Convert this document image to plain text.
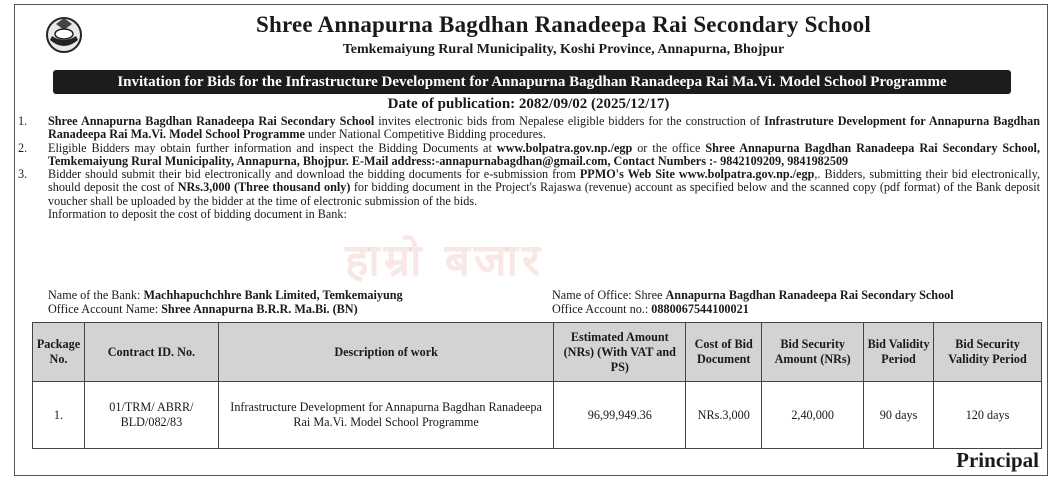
Shree Annapurna Bagdhan Ranadeepa Rai Secondary School
Temkemaiyung Rural Municipality, Koshi Province, Annapurna, Bhojpur
Invitation for Bids for the Infrastructure Development for Annapurna Bagdhan Ranadeepa Rai Ma.Vi. Model School Programme
Date of publication: 2082/09/02 (2025/12/17)
1.	Shree Annapurna Bagdhan Ranadeepa Rai Secondary School invites electronic bids from Nepalese eligible bidders for the construction of Infrastruture Development for Annapurna Bagdhan Ranadeepa Rai Ma.Vi. Model School Programme under National Competitive Bidding procedures.
2.	Eligible Bidders may obtain further information and inspect the Bidding Documents at www.bolpatra.gov.np./egp or the office Shree Annapurna Bagdhan Ranadeepa Rai Secondary School, Temkemaiyung Rural Municipality, Annapurna, Bhojpur. E-Mail address:-annapurnabagdhan@gmail.com, Contact Numbers :- 9842109209, 9841982509
3.	Bidder should submit their bid electronically and download the bidding documents for e-submission from PPMO's Web Site www.bolpatra.gov.np./egp,. Bidders, submitting their bid electronically, should deposit the cost of NRs.3,000 (Three thousand only) for bidding document in the Project's Rajaswa (revenue) account as specified below and the scanned copy (pdf format) of the Bank deposit voucher shall be uploaded by the bidder at the time of electronic submission of the bids.
Information to deposit the cost of bidding document in Bank:
हाम्रो बजार
Name of the Bank: Machhapuchchhre Bank Limited, Temkemaiyung	Name of Office: Shree Annapurna Bagdhan Ranadeepa Rai Secondary School
Office Account Name: Shree Annapurna B.R.R. Ma.Bi. (BN)	Office Account no.: 0880067544100021
Package No.	Contract ID. No.	Description of work	Estimated Amount (NRs) (With VAT and PS)	Cost of Bid Document	Bid Security Amount (NRs)	Bid Validity Period	Bid Security Validity Period
1.	01/TRM/ ABRR/ BLD/082/83	Infrastructure Development for Annapurna Bagdhan Ranadeepa Rai Ma.Vi. Model School Programme	96,99,949.36	NRs.3,000	2,40,000	90 days	120 days
Principal
